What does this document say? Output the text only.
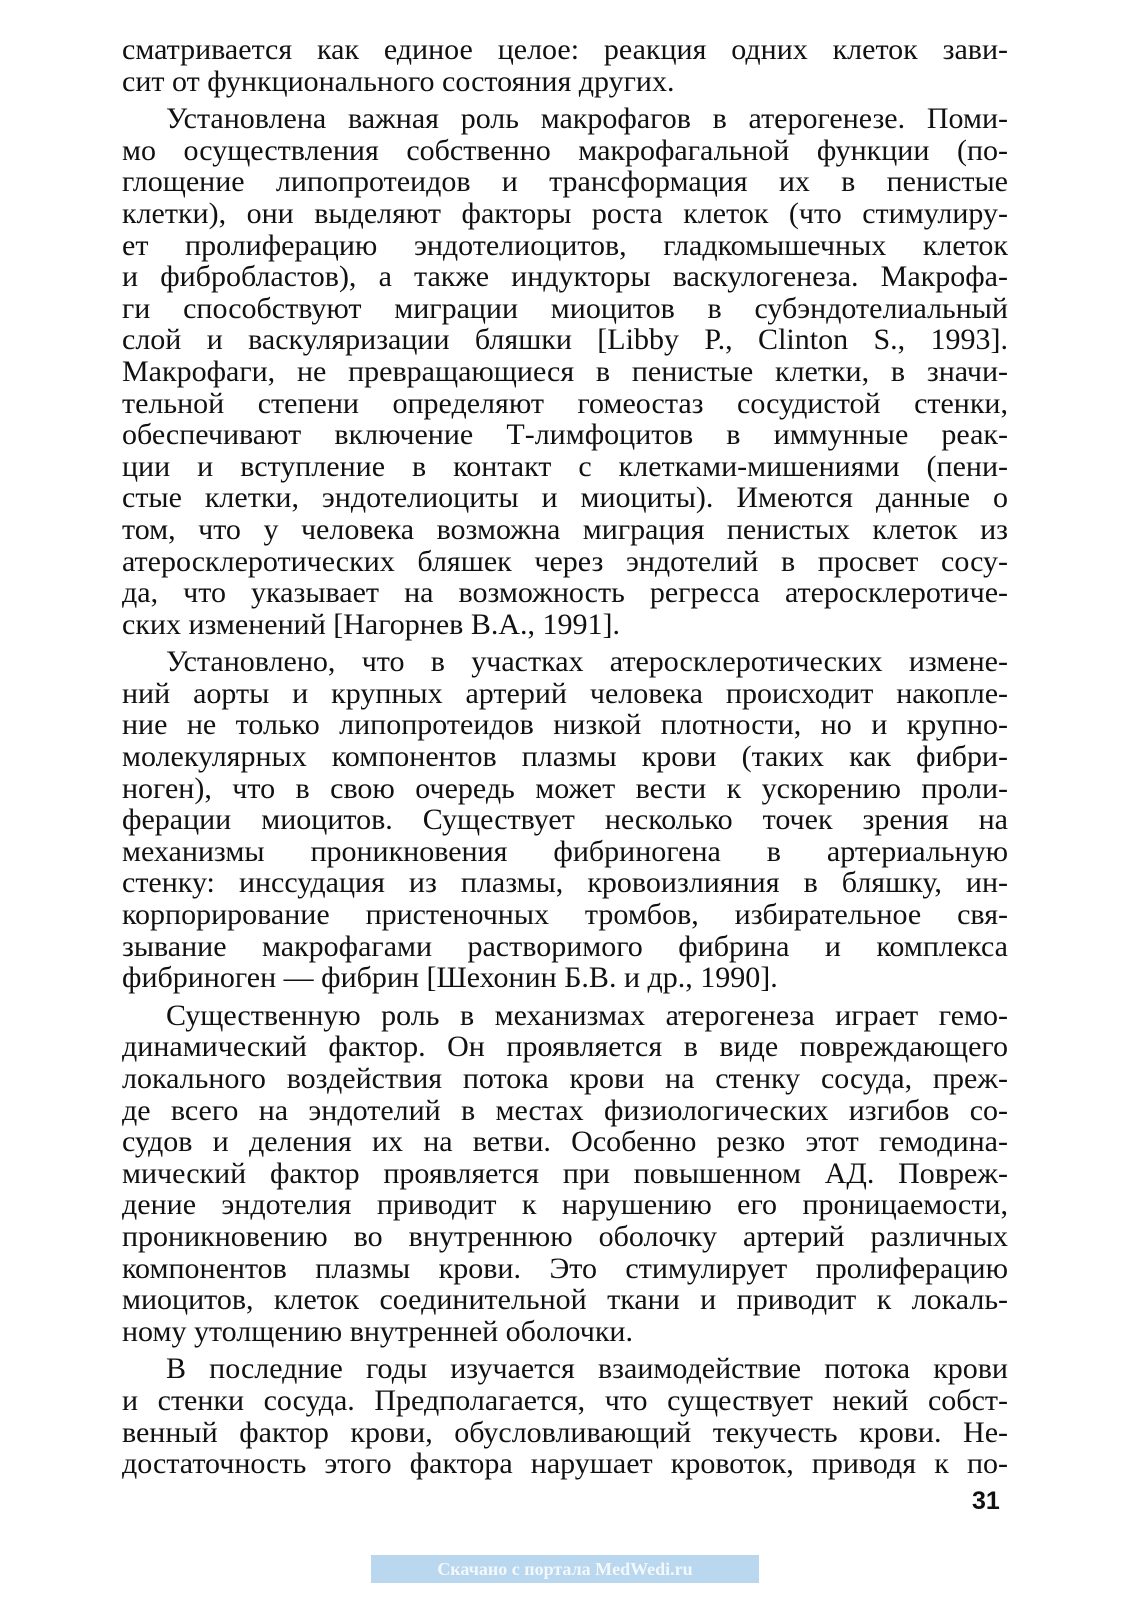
сматривается как единое целое: реакция одних клеток зави-
сит от функционального состояния других.

Установлена важная роль макрофагов в атерогенезе. Поми-
мо осуществления собственно макрофагальной функции (по-
глощение липопротеидов и трансформация их в пенистые
клетки), они выделяют факторы роста клеток (что стимулиру-
ет пролиферацию эндотелиоцитов, гладкомышечных клеток
и фибробластов), а также индукторы васкулогенеза. Макрофа-
ги способствуют миграции миоцитов в субэндотелиальный
слой и васкуляризации бляшки [Libby P., Clinton S., 1993].
Макрофаги, не превращающиеся в пенистые клетки, в значи-
тельной степени определяют гомеостаз сосудистой стенки,
обеспечивают включение Т-лимфоцитов в иммунные реак-
ции и вступление в контакт с клетками-мишениями (пени-
стые клетки, эндотелиоциты и миоциты). Имеются данные о
том, что у человека возможна миграция пенистых клеток из
атеросклеротических бляшек через эндотелий в просвет сосу-
да, что указывает на возможность регресса атеросклеротиче-
ских изменений [Нагорнев В.А., 1991].

Установлено, что в участках атеросклеротических измене-
ний аорты и крупных артерий человека происходит накопле-
ние не только липопротеидов низкой плотности, но и крупно-
молекулярных компонентов плазмы крови (таких как фибри-
ноген), что в свою очередь может вести к ускорению проли-
ферации миоцитов. Существует несколько точек зрения на
механизмы проникновения фибриногена в артериальную
стенку: инссудация из плазмы, кровоизлияния в бляшку, ин-
корпорирование пристеночных тромбов, избирательное свя-
зывание макрофагами растворимого фибрина и комплекса
фибриноген — фибрин [Шехонин Б.В. и др., 1990].

Существенную роль в механизмах атерогенеза играет гемо-
динамический фактор. Он проявляется в виде повреждающего
локального воздействия потока крови на стенку сосуда, преж-
де всего на эндотелий в местах физиологических изгибов со-
судов и деления их на ветви. Особенно резко этот гемодина-
мический фактор проявляется при повышенном АД. Повреж-
дение эндотелия приводит к нарушению его проницаемости,
проникновению во внутреннюю оболочку артерий различных
компонентов плазмы крови. Это стимулирует пролиферацию
миоцитов, клеток соединительной ткани и приводит к локаль-
ному утолщению внутренней оболочки.

В последние годы изучается взаимодействие потока крови
и стенки сосуда. Предполагается, что существует некий собст-
венный фактор крови, обусловливающий текучесть крови. Не-
достаточность этого фактора нарушает кровоток, приводя к по-

31
Скачано с портала MedWedi.ru
